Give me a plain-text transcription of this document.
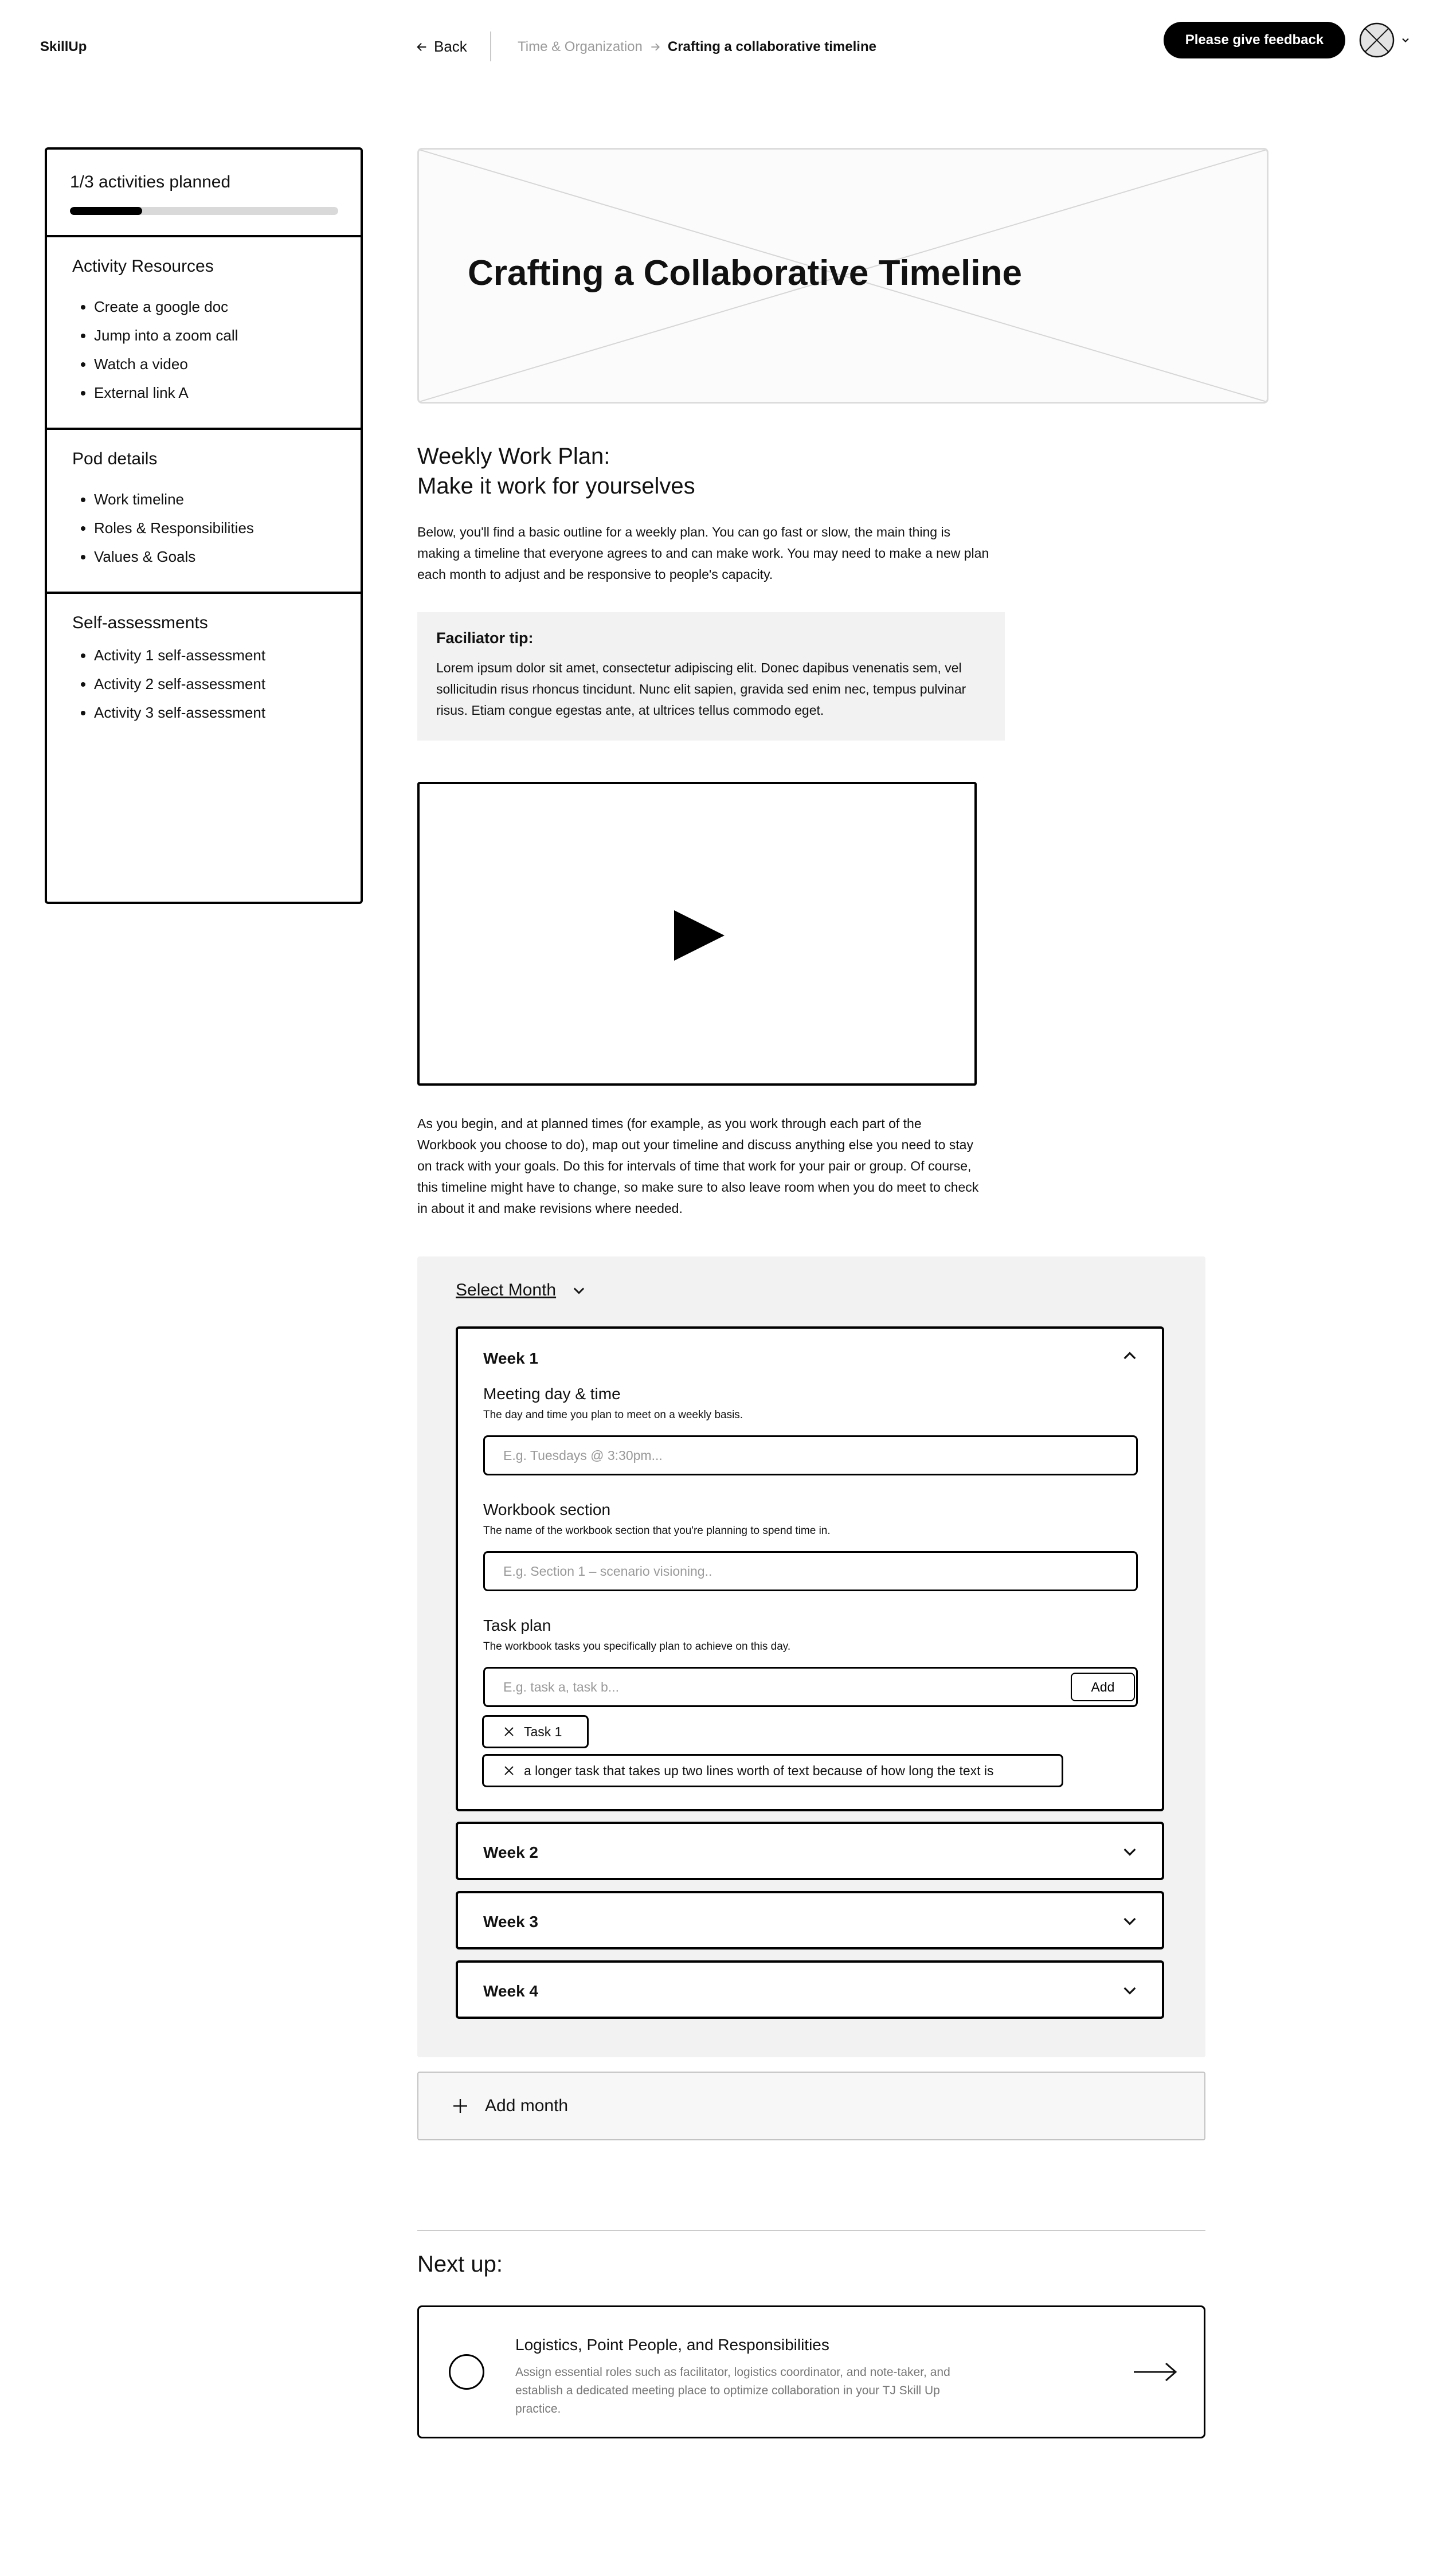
SkillUp	Back	Time & Organization Crafting a collaborative timeline	Please give feedback
1/3 activities planned
Activity Resources
• Create a google doc
• Jump into a zoom call
• Watch a video
• External link A
Pod details
• Work timeline
• Roles & Responsibilities
• Values & Goals
Self-assessments
• Activity 1 self-assessment
• Activity 2 self-assessment
• Activity 3 self-assessment
Crafting a Collaborative Timeline
Weekly Work Plan:
Make it work for yourselves

Below, you'll find a basic outline for a weekly plan. You can go fast or slow, the main thing is making a timeline that everyone agrees to and can make work. You may need to make a new plan each month to adjust and be responsive to people's capacity.

Faciliator tip:
Lorem ipsum dolor sit amet, consectetur adipiscing elit. Donec dapibus venenatis sem, vel sollicitudin risus rhoncus tincidunt. Nunc elit sapien, gravida sed enim nec, tempus pulvinar risus. Etiam congue egestas ante, at ultrices tellus commodo eget.

As you begin, and at planned times (for example, as you work through each part of the Workbook you choose to do), map out your timeline and discuss anything else you need to stay on track with your goals. Do this for intervals of time that work for your pair or group. Of course, this timeline might have to change, so make sure to also leave room when you do meet to check in about it and make revisions where needed.

Select Month
Week 1
Meeting day & time
The day and time you plan to meet on a weekly basis.
E.g. Tuesdays @ 3:30pm...
Workbook section
The name of the workbook section that you're planning to spend time in.
E.g. Section 1 – scenario visioning..
Task plan
The workbook tasks you specifically plan to achieve on this day.
E.g. task a, task b...
Add
Task 1
a longer task that takes up two lines worth of text because of how long the text is
Week 2
Week 3
Week 4
Add month
Next up:
Logistics, Point People, and Responsibilities
Assign essential roles such as facilitator, logistics coordinator, and note-taker, and establish a dedicated meeting place to optimize collaboration in your TJ Skill Up practice.
